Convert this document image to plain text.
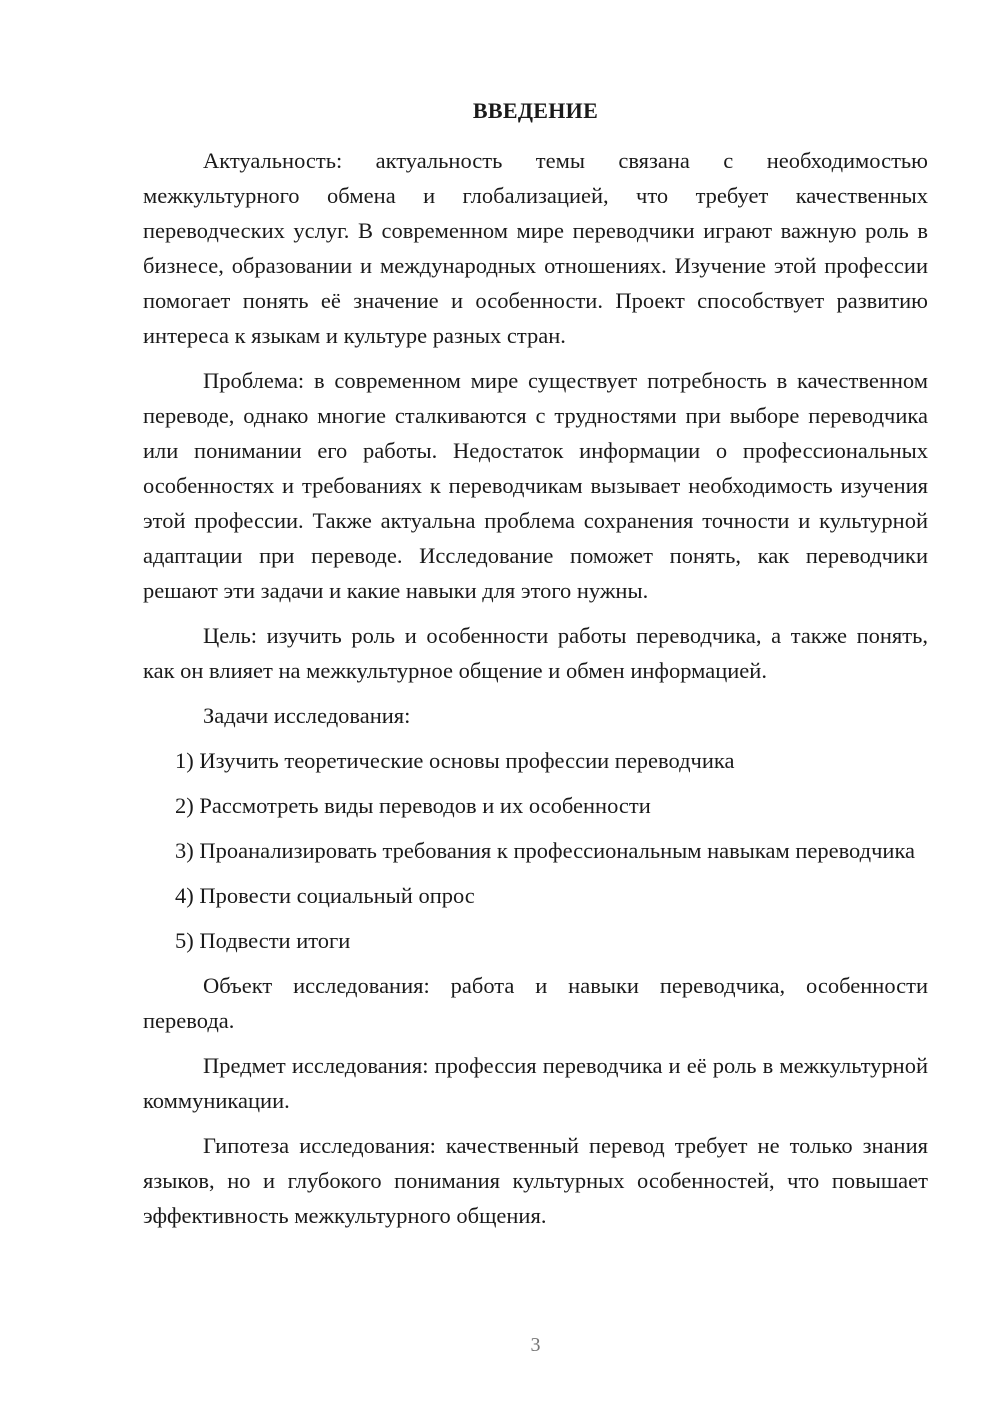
ВВЕДЕНИЕ

Актуальность: актуальность темы связана с необходимостью межкультурного обмена и глобализацией, что требует качественных переводческих услуг. В современном мире переводчики играют важную роль в бизнесе, образовании и международных отношениях. Изучение этой профессии помогает понять её значение и особенности. Проект способствует развитию интереса к языкам и культуре разных стран.

Проблема: в современном мире существует потребность в качественном переводе, однако многие сталкиваются с трудностями при выборе переводчика или понимании его работы. Недостаток информации о профессиональных особенностях и требованиях к переводчикам вызывает необходимость изучения этой профессии. Также актуальна проблема сохранения точности и культурной адаптации при переводе. Исследование поможет понять, как переводчики решают эти задачи и какие навыки для этого нужны.

Цель: изучить роль и особенности работы переводчика, а также понять, как он влияет на межкультурное общение и обмен информацией.

Задачи исследования:

1) Изучить теоретические основы профессии переводчика

2) Рассмотреть виды переводов и их особенности

3) Проанализировать требования к профессиональным навыкам переводчика

4) Провести социальный опрос

5) Подвести итоги

Объект исследования: работа и навыки переводчика, особенности перевода.

Предмет исследования: профессия переводчика и её роль в межкультурной коммуникации.

Гипотеза исследования: качественный перевод требует не только знания языков, но и глубокого понимания культурных особенностей, что повышает эффективность межкультурного общения.

3
